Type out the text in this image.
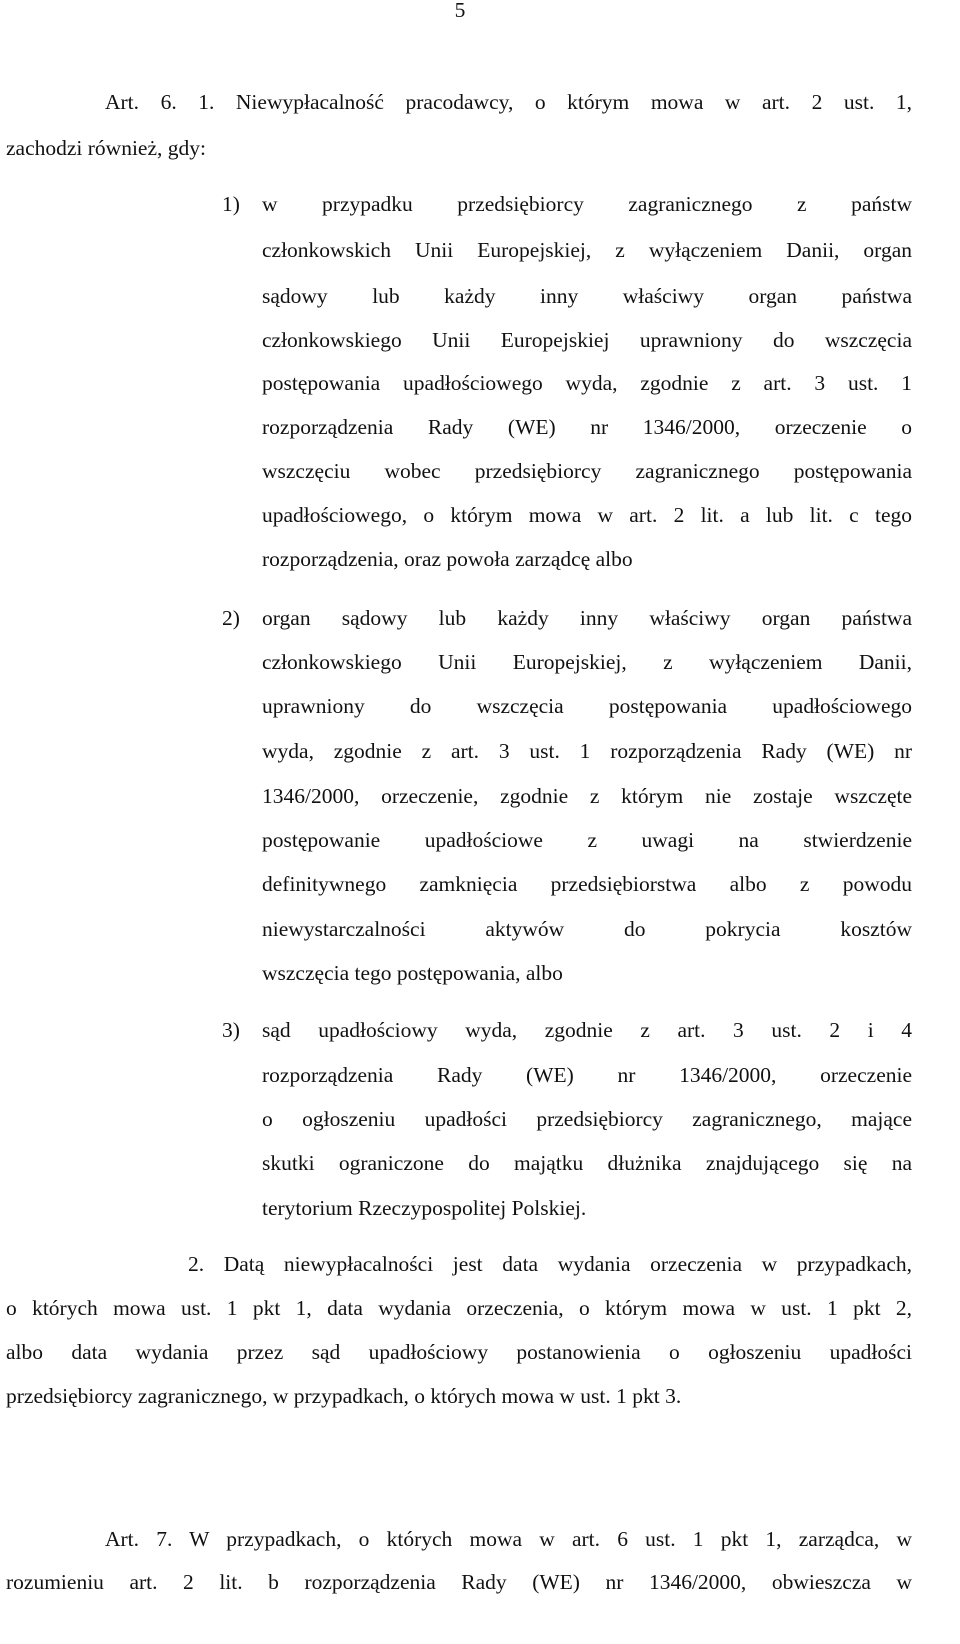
5
Art. 6. 1. Niewypłacalność pracodawcy, o którym mowa w art. 2 ust. 1,
zachodzi również, gdy:
1)	w przypadku przedsiębiorcy zagranicznego z państw
członkowskich Unii Europejskiej, z wyłączeniem Danii, organ
sądowy lub każdy inny właściwy organ państwa
członkowskiego Unii Europejskiej uprawniony do wszczęcia
postępowania upadłościowego wyda, zgodnie z art. 3 ust. 1
rozporządzenia Rady (WE) nr 1346/2000, orzeczenie o
wszczęciu wobec przedsiębiorcy zagranicznego postępowania
upadłościowego, o którym mowa w art. 2 lit. a lub lit. c tego
rozporządzenia, oraz powoła zarządcę albo
2)	organ sądowy lub każdy inny właściwy organ państwa
członkowskiego Unii Europejskiej, z wyłączeniem Danii,
uprawniony do wszczęcia postępowania upadłościowego
wyda, zgodnie z art. 3 ust. 1 rozporządzenia Rady (WE) nr
1346/2000, orzeczenie, zgodnie z którym nie zostaje wszczęte
postępowanie upadłościowe z uwagi na stwierdzenie
definitywnego zamknięcia przedsiębiorstwa albo z powodu
niewystarczalności aktywów do pokrycia kosztów
wszczęcia tego postępowania, albo
3)	sąd upadłościowy wyda, zgodnie z art. 3 ust. 2 i 4
rozporządzenia Rady (WE) nr 1346/2000, orzeczenie
o ogłoszeniu upadłości przedsiębiorcy zagranicznego, mające
skutki ograniczone do majątku dłużnika znajdującego się na
terytorium Rzeczypospolitej Polskiej.
2. Datą niewypłacalności jest data wydania orzeczenia w przypadkach,
o których mowa ust. 1 pkt 1, data wydania orzeczenia, o którym mowa w ust. 1 pkt 2,
albo data wydania przez sąd upadłościowy postanowienia o ogłoszeniu upadłości
przedsiębiorcy zagranicznego, w przypadkach, o których mowa w ust. 1 pkt 3.
Art. 7. W przypadkach, o których mowa w art. 6 ust. 1 pkt 1, zarządca, w
rozumieniu art. 2 lit. b rozporządzenia Rady (WE) nr 1346/2000, obwieszcza w
